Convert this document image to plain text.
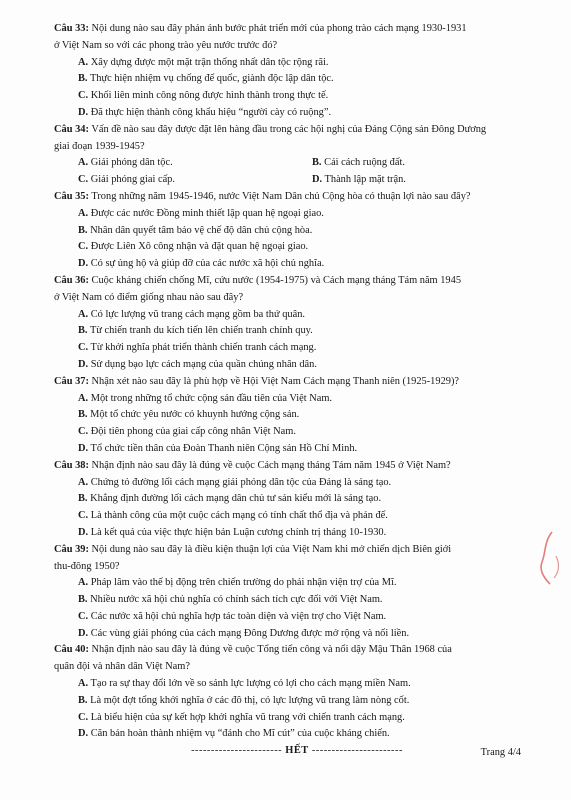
Câu 33: Nội dung nào sau đây phản ánh bước phát triển mới của phong trào cách mạng 1930-1931
ở Việt Nam so với các phong trào yêu nước trước đó?
A. Xây dựng được một mặt trận thống nhất dân tộc rộng rãi.
B. Thực hiện nhiệm vụ chống đế quốc, giành độc lập dân tộc.
C. Khối liên minh công nông được hình thành trong thực tế.
D. Đã thực hiện thành công khẩu hiệu “người cày có ruộng”.
Câu 34: Vấn đề nào sau đây được đặt lên hàng đầu trong các hội nghị của Đảng Cộng sản Đông Dương
giai đoạn 1939-1945?
A. Giải phóng dân tộc.	B. Cải cách ruộng đất.
C. Giải phóng giai cấp.	D. Thành lập mặt trận.
Câu 35: Trong những năm 1945-1946, nước Việt Nam Dân chủ Cộng hòa có thuận lợi nào sau đây?
A. Được các nước Đồng minh thiết lập quan hệ ngoại giao.
B. Nhân dân quyết tâm bảo vệ chế độ dân chủ cộng hòa.
C. Được Liên Xô công nhận và đặt quan hệ ngoại giao.
D. Có sự ủng hộ và giúp đỡ của các nước xã hội chủ nghĩa.
Câu 36: Cuộc kháng chiến chống Mĩ, cứu nước (1954-1975) và Cách mạng tháng Tám năm 1945
ở Việt Nam có điểm giống nhau nào sau đây?
A. Có lực lượng vũ trang cách mạng gồm ba thứ quân.
B. Từ chiến tranh du kích tiến lên chiến tranh chính quy.
C. Từ khởi nghĩa phát triển thành chiến tranh cách mạng.
D. Sử dụng bạo lực cách mạng của quần chúng nhân dân.
Câu 37: Nhận xét nào sau đây là phù hợp về Hội Việt Nam Cách mạng Thanh niên (1925-1929)?
A. Một trong những tổ chức cộng sản đầu tiên của Việt Nam.
B. Một tổ chức yêu nước có khuynh hướng cộng sản.
C. Đội tiên phong của giai cấp công nhân Việt Nam.
D. Tổ chức tiền thân của Đoàn Thanh niên Cộng sản Hồ Chí Minh.
Câu 38: Nhận định nào sau đây là đúng về cuộc Cách mạng tháng Tám năm 1945 ở Việt Nam?
A. Chứng tỏ đường lối cách mạng giải phóng dân tộc của Đảng là sáng tạo.
B. Khẳng định đường lối cách mạng dân chủ tư sản kiểu mới là sáng tạo.
C. Là thành công của một cuộc cách mạng có tính chất thổ địa và phản đế.
D. Là kết quả của việc thực hiện bản Luận cương chính trị tháng 10-1930.
Câu 39: Nội dung nào sau đây là điều kiện thuận lợi của Việt Nam khi mở chiến dịch Biên giới
thu-đông 1950?
A. Pháp lâm vào thế bị động trên chiến trường do phải nhận viện trợ của Mĩ.
B. Nhiều nước xã hội chủ nghĩa có chính sách tích cực đối với Việt Nam.
C. Các nước xã hội chủ nghĩa hợp tác toàn diện và viện trợ cho Việt Nam.
D. Các vùng giải phóng của cách mạng Đông Dương được mở rộng và nối liền.
Câu 40: Nhận định nào sau đây là đúng về cuộc Tổng tiến công và nổi dậy Mậu Thân 1968 của
quân đội và nhân dân Việt Nam?
A. Tạo ra sự thay đổi lớn về so sánh lực lượng có lợi cho cách mạng miền Nam.
B. Là một đợt tổng khởi nghĩa ở các đô thị, có lực lượng vũ trang làm nòng cốt.
C. Là biểu hiện của sự kết hợp khởi nghĩa vũ trang với chiến tranh cách mạng.
D. Căn bản hoàn thành nhiệm vụ “đánh cho Mĩ cút” của cuộc kháng chiến.
----------------------- HẾT -----------------------	Trang 4/4
